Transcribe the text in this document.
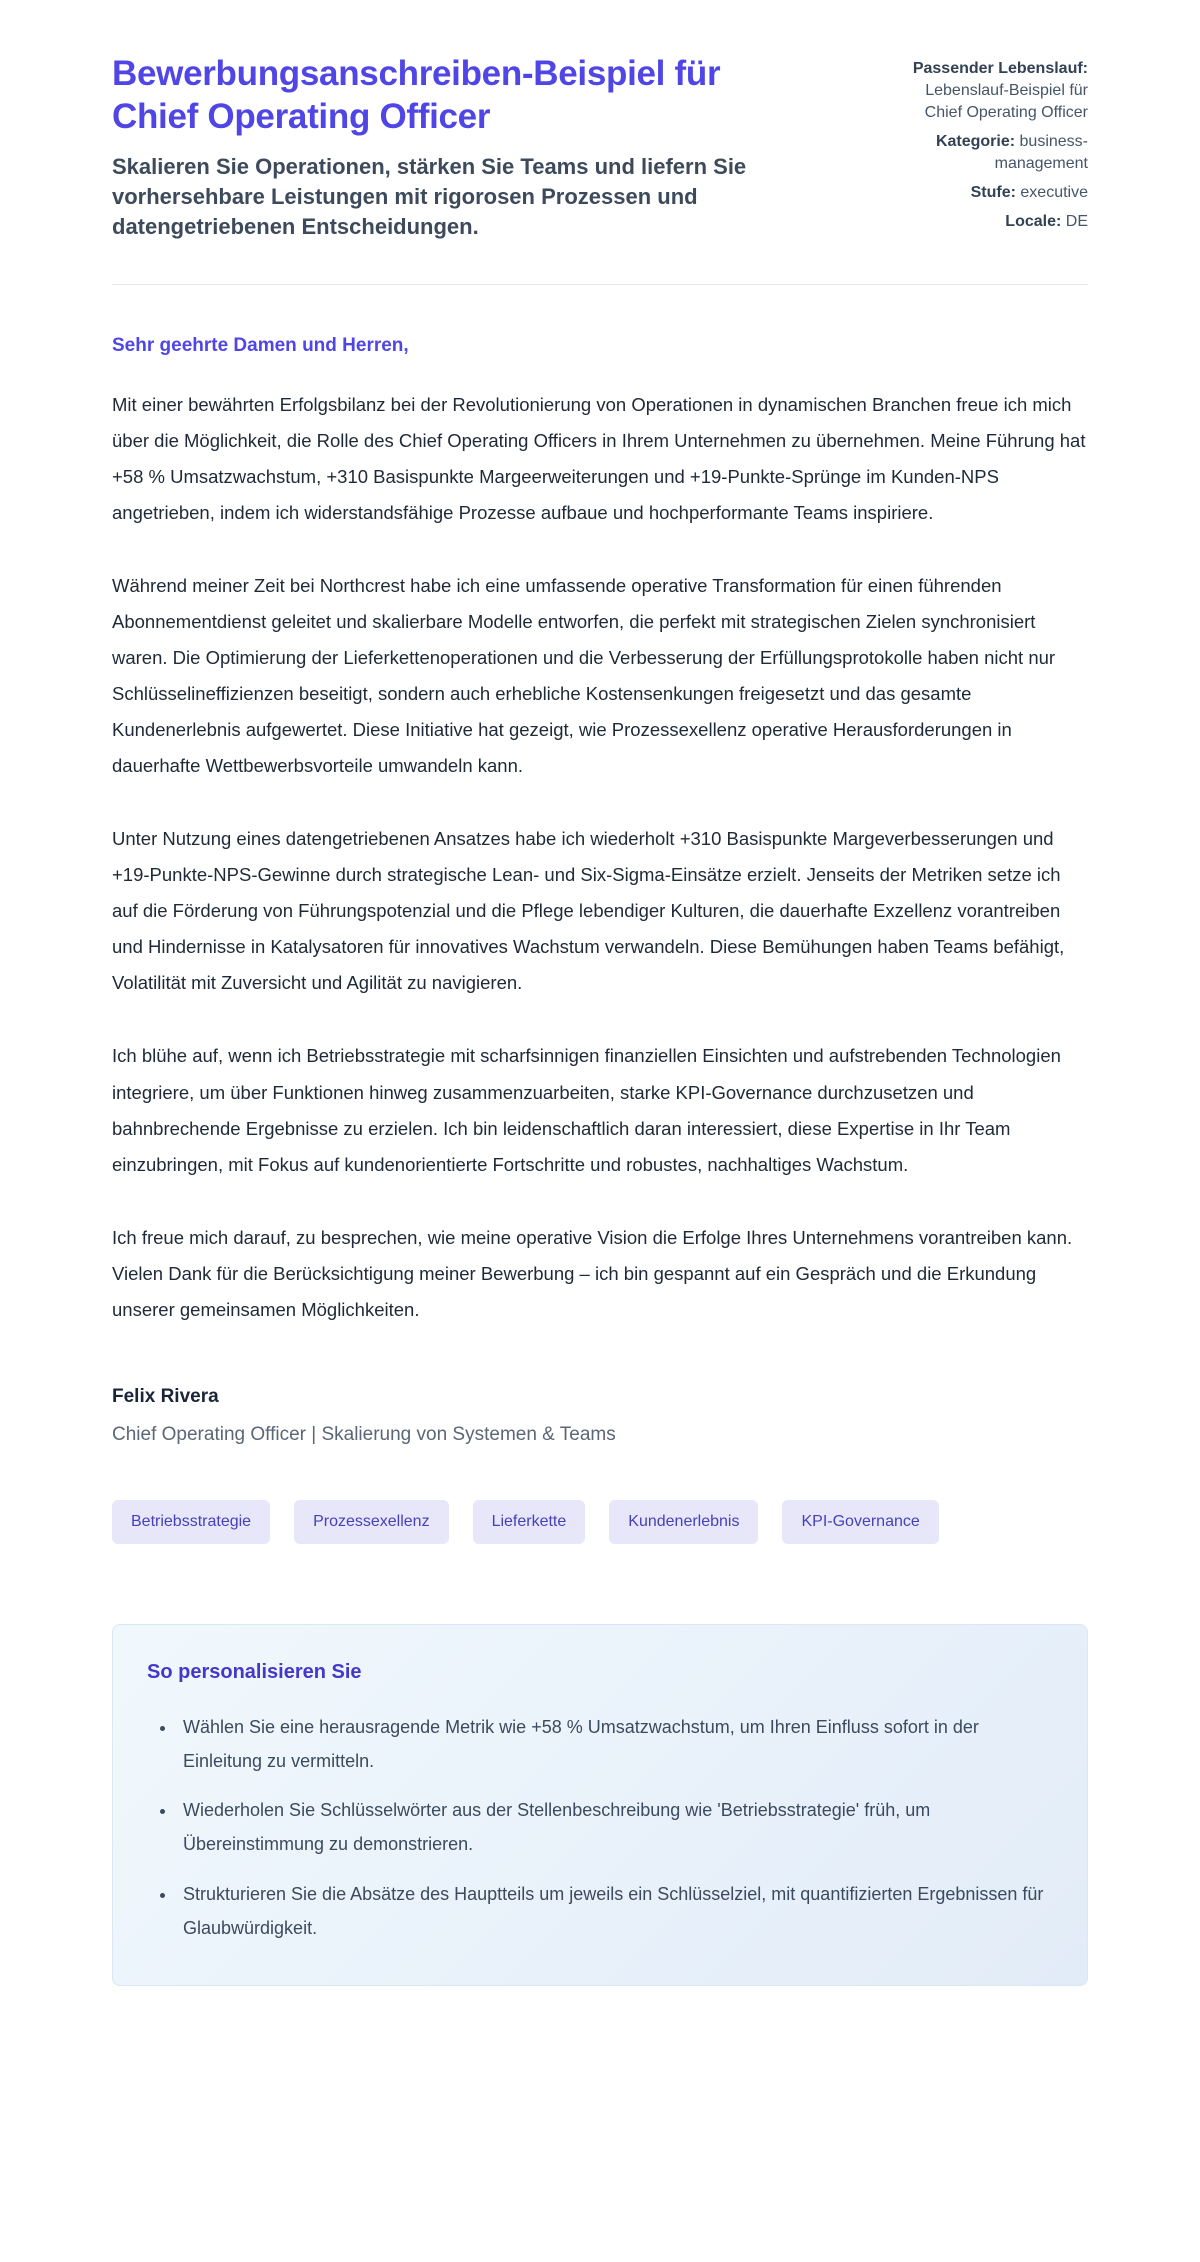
Bewerbungsanschreiben-Beispiel für Chief Operating Officer

Skalieren Sie Operationen, stärken Sie Teams und liefern Sie vorhersehbare Leistungen mit rigorosen Prozessen und datengetriebenen Entscheidungen.

Passender Lebenslauf: Lebenslauf-Beispiel für Chief Operating Officer

Kategorie: business-management

Stufe: executive

Locale: DE

Sehr geehrte Damen und Herren,

Mit einer bewährten Erfolgsbilanz bei der Revolutionierung von Operationen in dynamischen Branchen freue ich mich über die Möglichkeit, die Rolle des Chief Operating Officers in Ihrem Unternehmen zu übernehmen. Meine Führung hat +58 % Umsatzwachstum, +310 Basispunkte Margeerweiterungen und +19-Punkte-Sprünge im Kunden-NPS angetrieben, indem ich widerstandsfähige Prozesse aufbaue und hochperformante Teams inspiriere.

Während meiner Zeit bei Northcrest habe ich eine umfassende operative Transformation für einen führenden Abonnementdienst geleitet und skalierbare Modelle entworfen, die perfekt mit strategischen Zielen synchronisiert waren. Die Optimierung der Lieferkettenoperationen und die Verbesserung der Erfüllungsprotokolle haben nicht nur Schlüsselineffizienzen beseitigt, sondern auch erhebliche Kostensenkungen freigesetzt und das gesamte Kundenerlebnis aufgewertet. Diese Initiative hat gezeigt, wie Prozessexellenz operative Herausforderungen in dauerhafte Wettbewerbsvorteile umwandeln kann.

Unter Nutzung eines datengetriebenen Ansatzes habe ich wiederholt +310 Basispunkte Margeverbesserungen und +19-Punkte-NPS-Gewinne durch strategische Lean- und Six-Sigma-Einsätze erzielt. Jenseits der Metriken setze ich auf die Förderung von Führungspotenzial und die Pflege lebendiger Kulturen, die dauerhafte Exzellenz vorantreiben und Hindernisse in Katalysatoren für innovatives Wachstum verwandeln. Diese Bemühungen haben Teams befähigt, Volatilität mit Zuversicht und Agilität zu navigieren.

Ich blühe auf, wenn ich Betriebsstrategie mit scharfsinnigen finanziellen Einsichten und aufstrebenden Technologien integriere, um über Funktionen hinweg zusammenzuarbeiten, starke KPI-Governance durchzusetzen und bahnbrechende Ergebnisse zu erzielen. Ich bin leidenschaftlich daran interessiert, diese Expertise in Ihr Team einzubringen, mit Fokus auf kundenorientierte Fortschritte und robustes, nachhaltiges Wachstum.

Ich freue mich darauf, zu besprechen, wie meine operative Vision die Erfolge Ihres Unternehmens vorantreiben kann. Vielen Dank für die Berücksichtigung meiner Bewerbung – ich bin gespannt auf ein Gespräch und die Erkundung unserer gemeinsamen Möglichkeiten.

Felix Rivera

Chief Operating Officer | Skalierung von Systemen & Teams

Betriebsstrategie	Prozessexellenz	Lieferkette	Kundenerlebnis	KPI-Governance
So personalisieren Sie
• Wählen Sie eine herausragende Metrik wie +58 % Umsatzwachstum, um Ihren Einfluss sofort in der Einleitung zu vermitteln.
• Wiederholen Sie Schlüsselwörter aus der Stellenbeschreibung wie 'Betriebsstrategie' früh, um Übereinstimmung zu demonstrieren.
• Strukturieren Sie die Absätze des Hauptteils um jeweils ein Schlüsselziel, mit quantifizierten Ergebnissen für Glaubwürdigkeit.
